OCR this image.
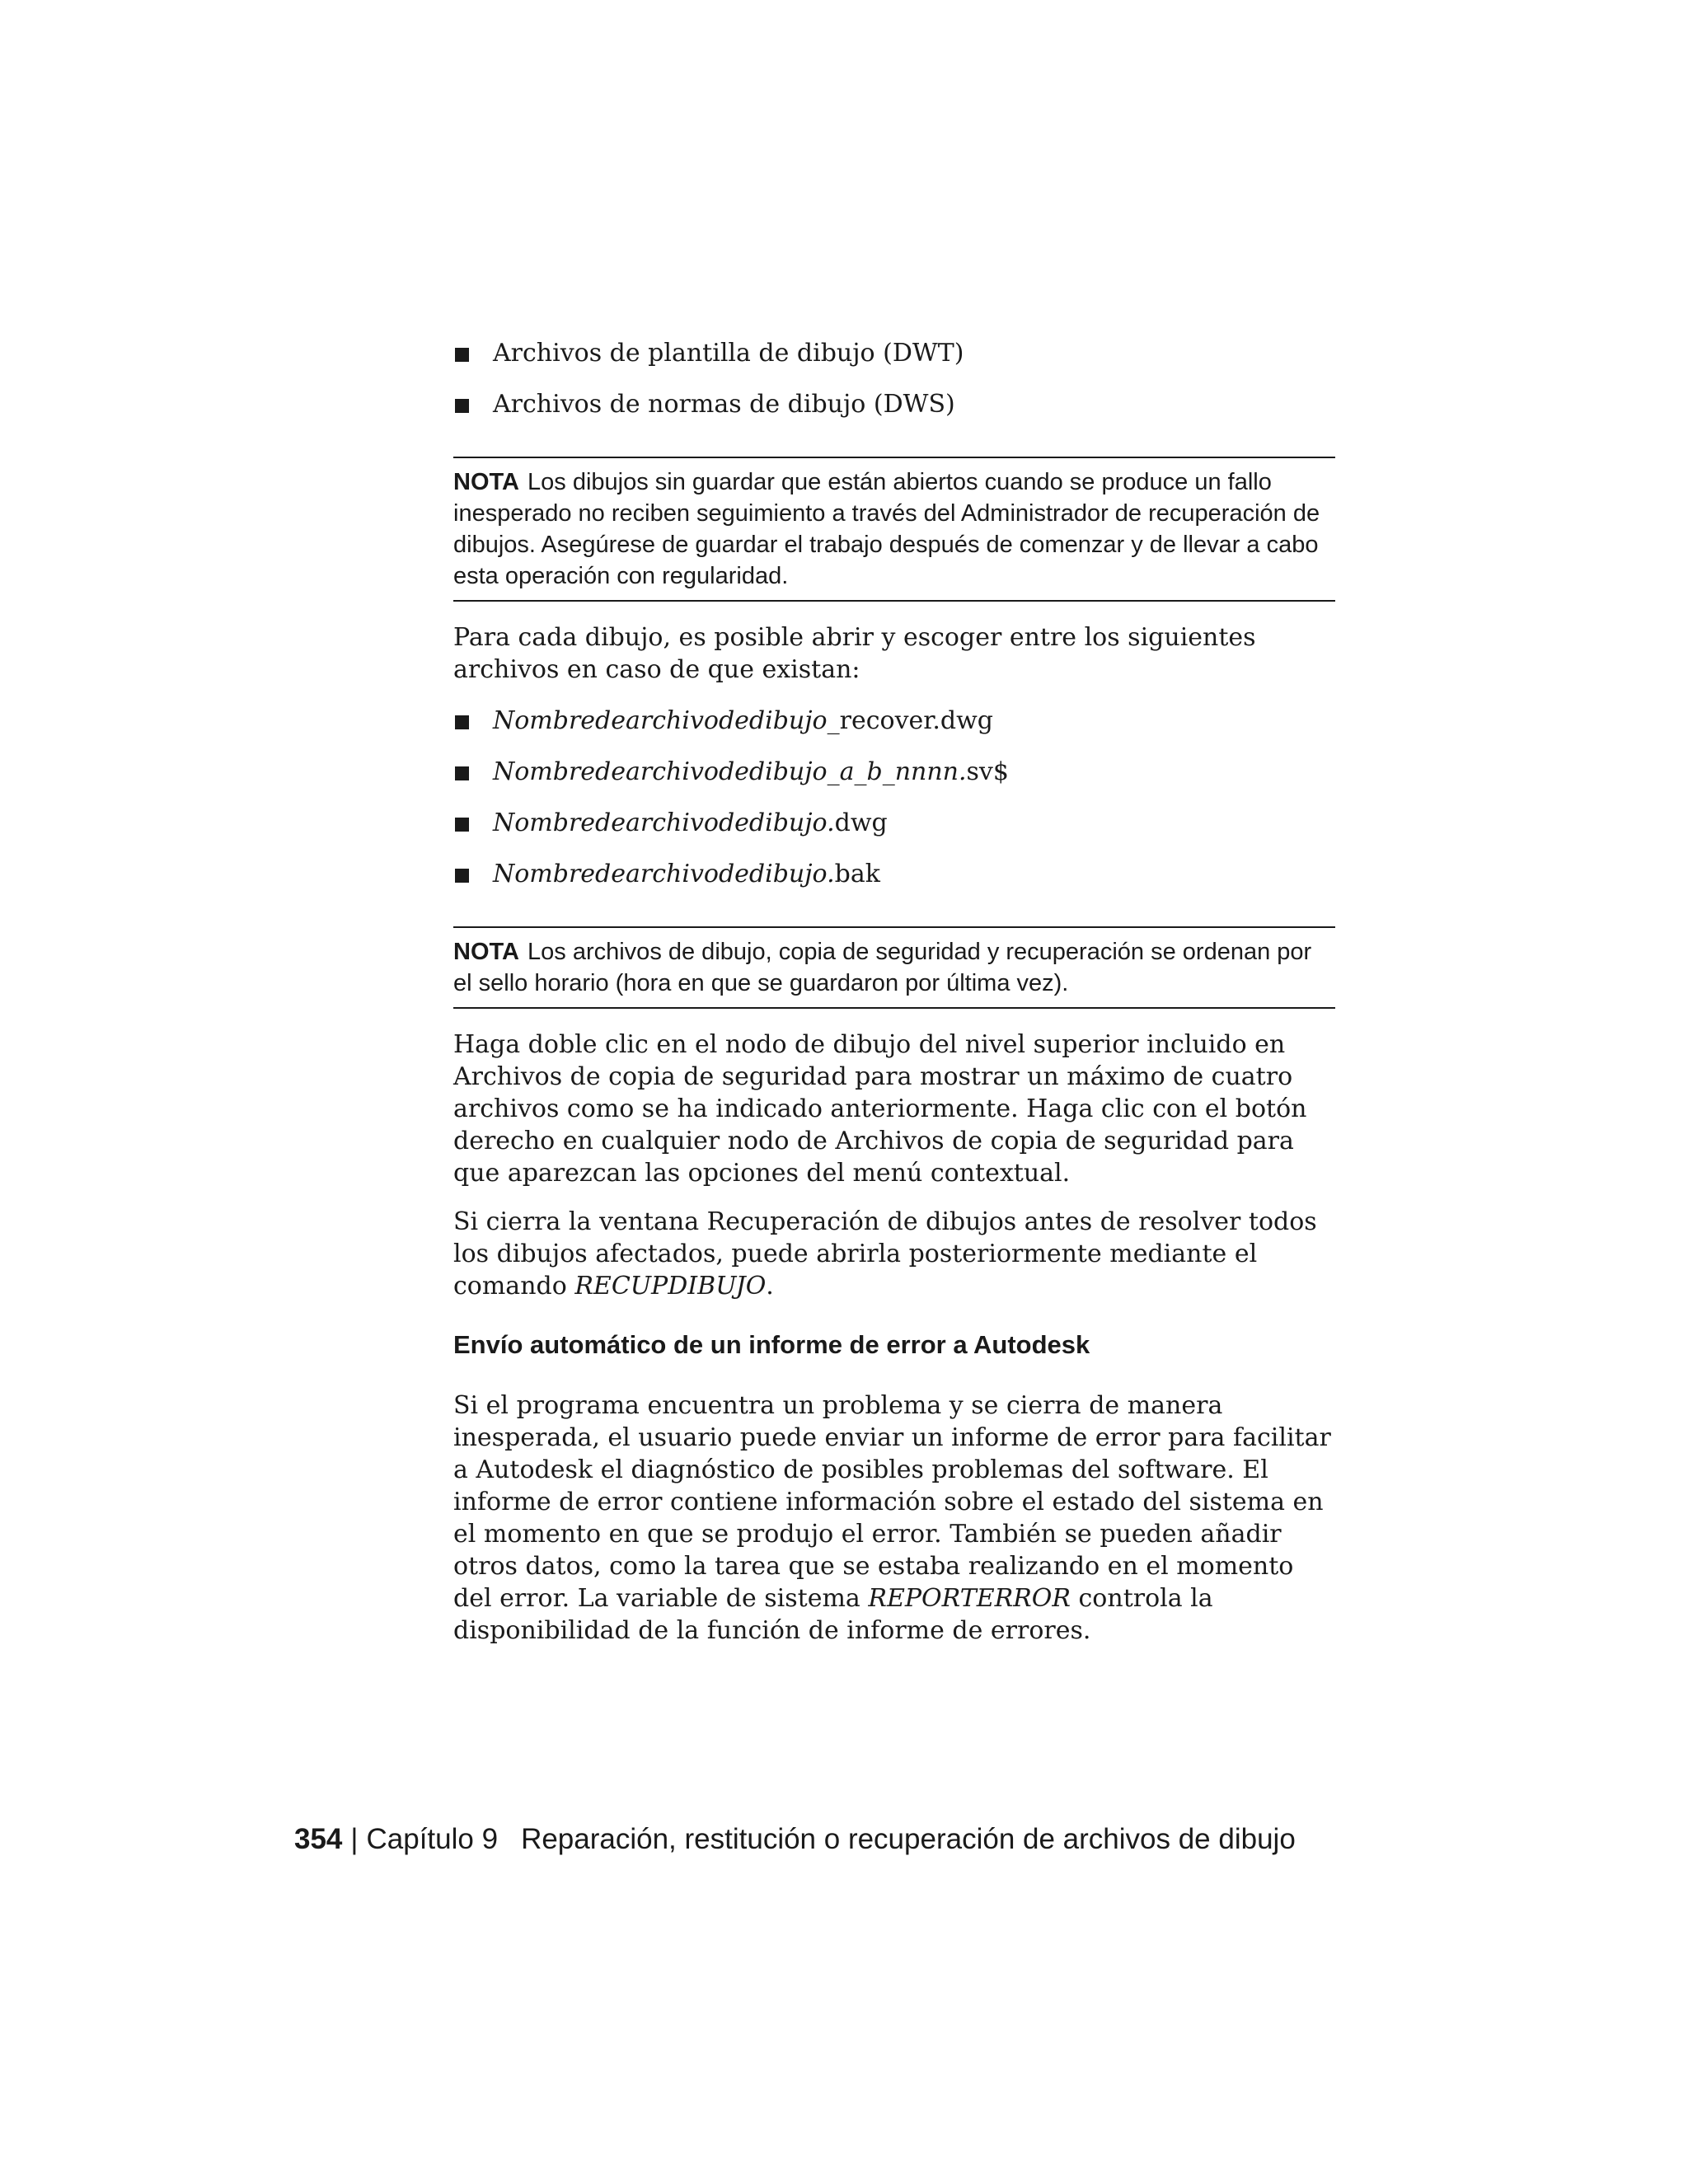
Archivos de plantilla de dibujo (DWT)
Archivos de normas de dibujo (DWS)
NOTA Los dibujos sin guardar que están abiertos cuando se produce un fallo inesperado no reciben seguimiento a través del Administrador de recuperación de dibujos. Asegúrese de guardar el trabajo después de comenzar y de llevar a cabo esta operación con regularidad.

Para cada dibujo, es posible abrir y escoger entre los siguientes archivos en caso de que existan:

Nombredearchivodedibujo_recover.dwg
Nombredearchivodedibujo_a_b_nnnn.sv$
Nombredearchivodedibujo.dwg
Nombredearchivodedibujo.bak
NOTA Los archivos de dibujo, copia de seguridad y recuperación se ordenan por el sello horario (hora en que se guardaron por última vez).

Haga doble clic en el nodo de dibujo del nivel superior incluido en Archivos de copia de seguridad para mostrar un máximo de cuatro archivos como se ha indicado anteriormente. Haga clic con el botón derecho en cualquier nodo de Archivos de copia de seguridad para que aparezcan las opciones del menú contextual.

Si cierra la ventana Recuperación de dibujos antes de resolver todos los dibujos afectados, puede abrirla posteriormente mediante el comando RECUPDIBUJO.

Envío automático de un informe de error a Autodesk

Si el programa encuentra un problema y se cierra de manera inesperada, el usuario puede enviar un informe de error para facilitar a Autodesk el diagnóstico de posibles problemas del software. El informe de error contiene información sobre el estado del sistema en el momento en que se produjo el error. También se pueden añadir otros datos, como la tarea que se estaba realizando en el momento del error. La variable de sistema REPORTERROR controla la disponibilidad de la función de informe de errores.

354 | Capítulo 9 Reparación, restitución o recuperación de archivos de dibujo
